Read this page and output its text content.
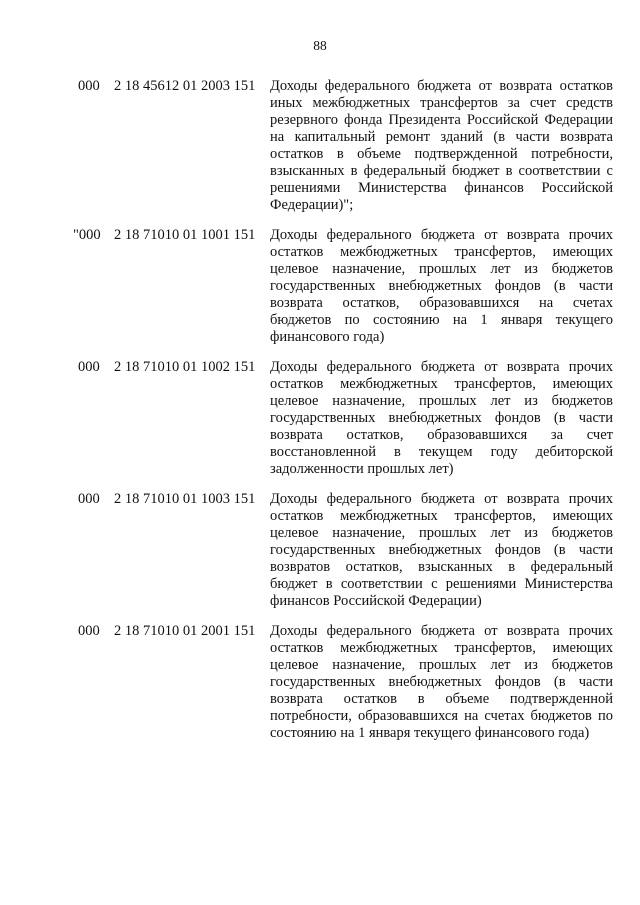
88
000 2 18 45612 01 2003 151 Доходы федерального бюджета от возврата остатков иных межбюджетных трансфертов за счет средств резервного фонда Президента Российской Федерации на капитальный ремонт зданий (в части возврата остатков в объеме подтвержденной потребности, взысканных в федеральный бюджет в соответствии с решениями Министерства финансов Российской Федерации)";
"000 2 18 71010 01 1001 151 Доходы федерального бюджета от возврата прочих остатков межбюджетных трансфертов, имеющих целевое назначение, прошлых лет из бюджетов государственных внебюджетных фондов (в части возврата остатков, образовавшихся на счетах бюджетов по состоянию на 1 января текущего финансового года)
000 2 18 71010 01 1002 151 Доходы федерального бюджета от возврата прочих остатков межбюджетных трансфертов, имеющих целевое назначение, прошлых лет из бюджетов государственных внебюджетных фондов (в части возврата остатков, образовавшихся за счет восстановленной в текущем году дебиторской задолженности прошлых лет)
000 2 18 71010 01 1003 151 Доходы федерального бюджета от возврата прочих остатков межбюджетных трансфертов, имеющих целевое назначение, прошлых лет из бюджетов государственных внебюджетных фондов (в части возвратов остатков, взысканных в федеральный бюджет в соответствии с решениями Министерства финансов Российской Федерации)
000 2 18 71010 01 2001 151 Доходы федерального бюджета от возврата прочих остатков межбюджетных трансфертов, имеющих целевое назначение, прошлых лет из бюджетов государственных внебюджетных фондов (в части возврата остатков в объеме подтвержденной потребности, образовавшихся на счетах бюджетов по состоянию на 1 января текущего финансового года)
